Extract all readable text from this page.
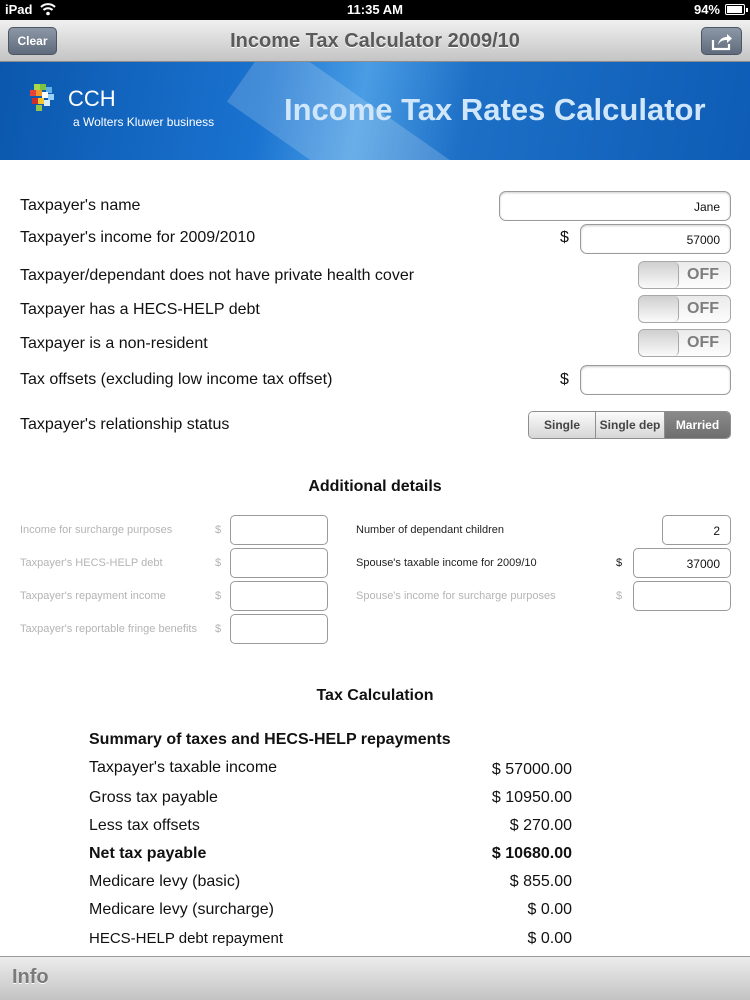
iPad	11:35 AM	94%
Clear	Income Tax Calculator 2009/10
CCH
a Wolters Kluwer business Income Tax Rates Calculator
Taxpayer's name	Jane
Taxpayer's income for 2009/2010	$	57000
Taxpayer/dependant does not have private health cover	OFF
Taxpayer has a HECS-HELP debt	OFF
Taxpayer is a non-resident	OFF
Tax offsets (excluding low income tax offset)	$
Taxpayer's relationship status	Single	Single dep	Married
Additional details
Income for surcharge purposes	$
Taxpayer's HECS-HELP debt	$
Taxpayer's repayment income	$
Taxpayer's reportable fringe benefits $
Number of dependant children	2
Spouse's taxable income for 2009/10	$	37000
Spouse's income for surcharge purposes	$
Tax Calculation
Summary of taxes and HECS-HELP repayments
Taxpayer's taxable income	$ 57000.00
Gross tax payable	$ 10950.00
Less tax offsets	$ 270.00
Net tax payable	$ 10680.00
Medicare levy (basic)	$ 855.00
Medicare levy (surcharge)	$ 0.00
HECS-HELP debt repayment	$ 0.00
Info
